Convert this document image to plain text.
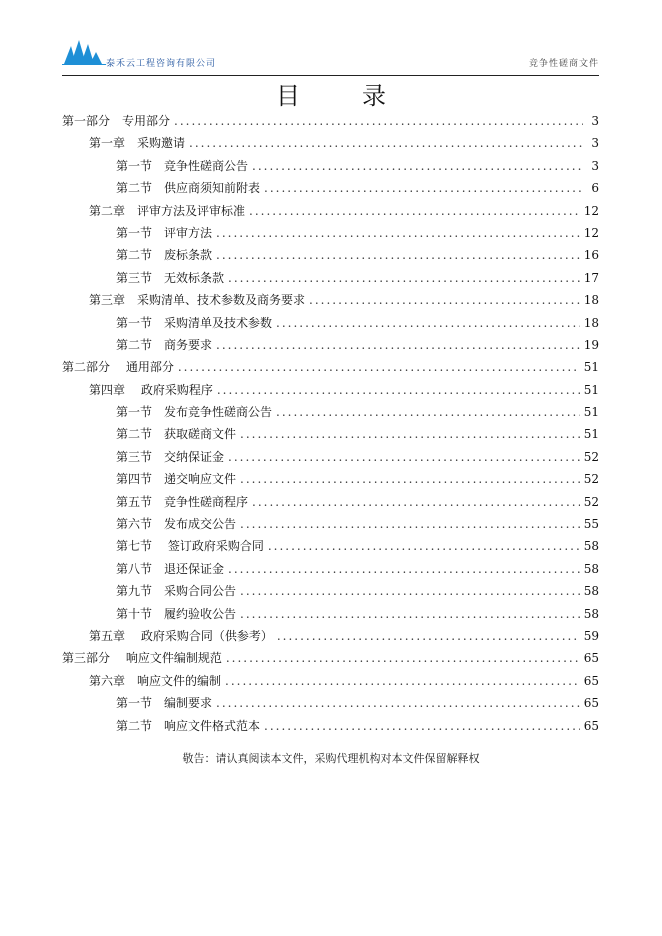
泰禾云工程咨询有限公司	竞争性磋商文件
目	录
第一部分　专用部分 .....	3
第一章　采购邀请 .....	3
第一节　竞争性磋商公告 .....	3
第二节　供应商须知前附表 .....	6
第二章　评审方法及评审标准 .....	12
第一节　评审方法 .....	12
第二节　废标条款 .....	16
第三节　无效标条款 .....	17
第三章　采购清单、技术参数及商务要求 .....	18
第一节　采购清单及技术参数 .....	18
第二节　商务要求 .....	19
第二部分　 通用部分 .....	51
第四章　 政府采购程序 .....	51
第一节　发布竞争性磋商公告 .....	51
第二节　获取磋商文件 .....	51
第三节　交纳保证金 .....	52
第四节　递交响应文件 .....	52
第五节　竞争性磋商程序 .....	52
第六节　发布成交公告 .....	55
第七节 　签订政府采购合同 .....	58
第八节　退还保证金 .....	58
第九节　采购合同公告 .....	58
第十节　履约验收公告 .....	58
第五章　 政府采购合同（供参考） .....	59
第三部分　 响应文件编制规范 .....	65
第六章　响应文件的编制 .....	65
第一节　编制要求 .....	65
第二节　响应文件格式范本 .....	65
敬告：请认真阅读本文件，采购代理机构对本文件保留解释权
